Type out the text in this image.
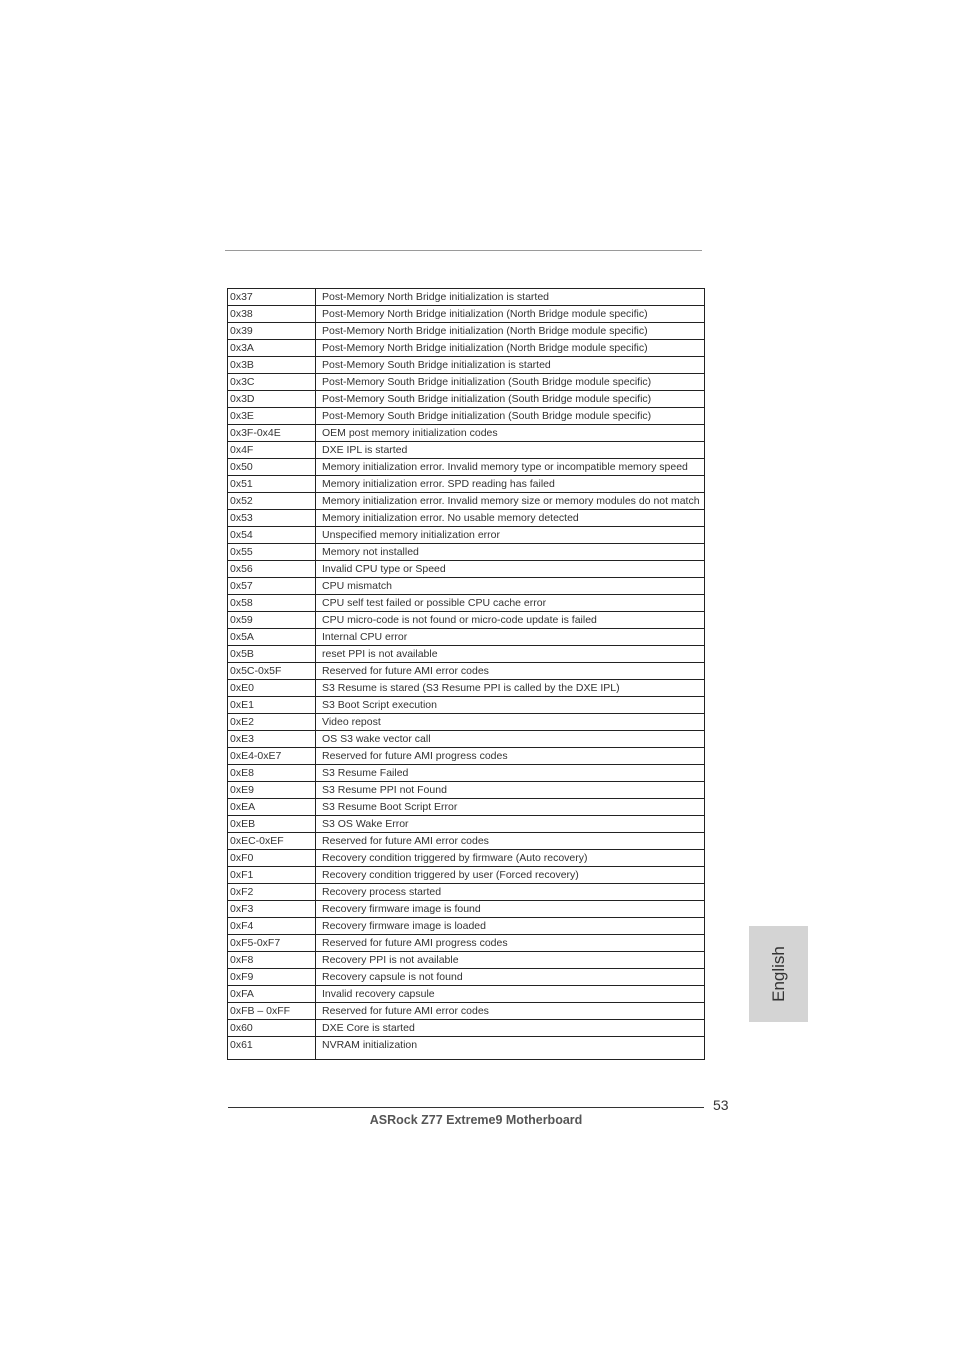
0x37	Post-Memory North Bridge initialization is started
0x38	Post-Memory North Bridge initialization (North Bridge module specific)
0x39	Post-Memory North Bridge initialization (North Bridge module specific)
0x3A	Post-Memory North Bridge initialization (North Bridge module specific)
0x3B	Post-Memory South Bridge initialization is started
0x3C	Post-Memory South Bridge initialization (South Bridge module specific)
0x3D	Post-Memory South Bridge initialization (South Bridge module specific)
0x3E	Post-Memory South Bridge initialization (South Bridge module specific)
0x3F-0x4E	OEM post memory initialization codes
0x4F	DXE IPL is started
0x50	Memory initialization error. Invalid memory type or incompatible memory speed
0x51	Memory initialization error. SPD reading has failed
0x52	Memory initialization error. Invalid memory size or memory modules do not match
0x53	Memory initialization error. No usable memory detected
0x54	Unspecified memory initialization error
0x55	Memory not installed
0x56	Invalid CPU type or Speed
0x57	CPU mismatch
0x58	CPU self test failed or possible CPU cache error
0x59	CPU micro-code is not found or micro-code update is failed
0x5A	Internal CPU error
0x5B	reset PPI is not available
0x5C-0x5F	Reserved for future AMI error codes
0xE0	S3 Resume is stared (S3 Resume PPI is called by the DXE IPL)
0xE1	S3 Boot Script execution
0xE2	Video repost
0xE3	OS S3 wake vector call
0xE4-0xE7	Reserved for future AMI progress codes
0xE8	S3 Resume Failed
0xE9	S3 Resume PPI not Found
0xEA	S3 Resume Boot Script Error
0xEB	S3 OS Wake Error
0xEC-0xEF	Reserved for future AMI error codes
0xF0	Recovery condition triggered by firmware (Auto recovery)
0xF1	Recovery condition triggered by user (Forced recovery)
0xF2	Recovery process started
0xF3	Recovery firmware image is found
0xF4	Recovery firmware image is loaded
0xF5-0xF7	Reserved for future AMI progress codes
0xF8	Recovery PPI is not available
0xF9	Recovery capsule is not found
0xFA	Invalid recovery capsule
0xFB – 0xFF	Reserved for future AMI error codes
0x60	DXE Core is started
0x61	NVRAM initialization
English
53
ASRock Z77 Extreme9 Motherboard
